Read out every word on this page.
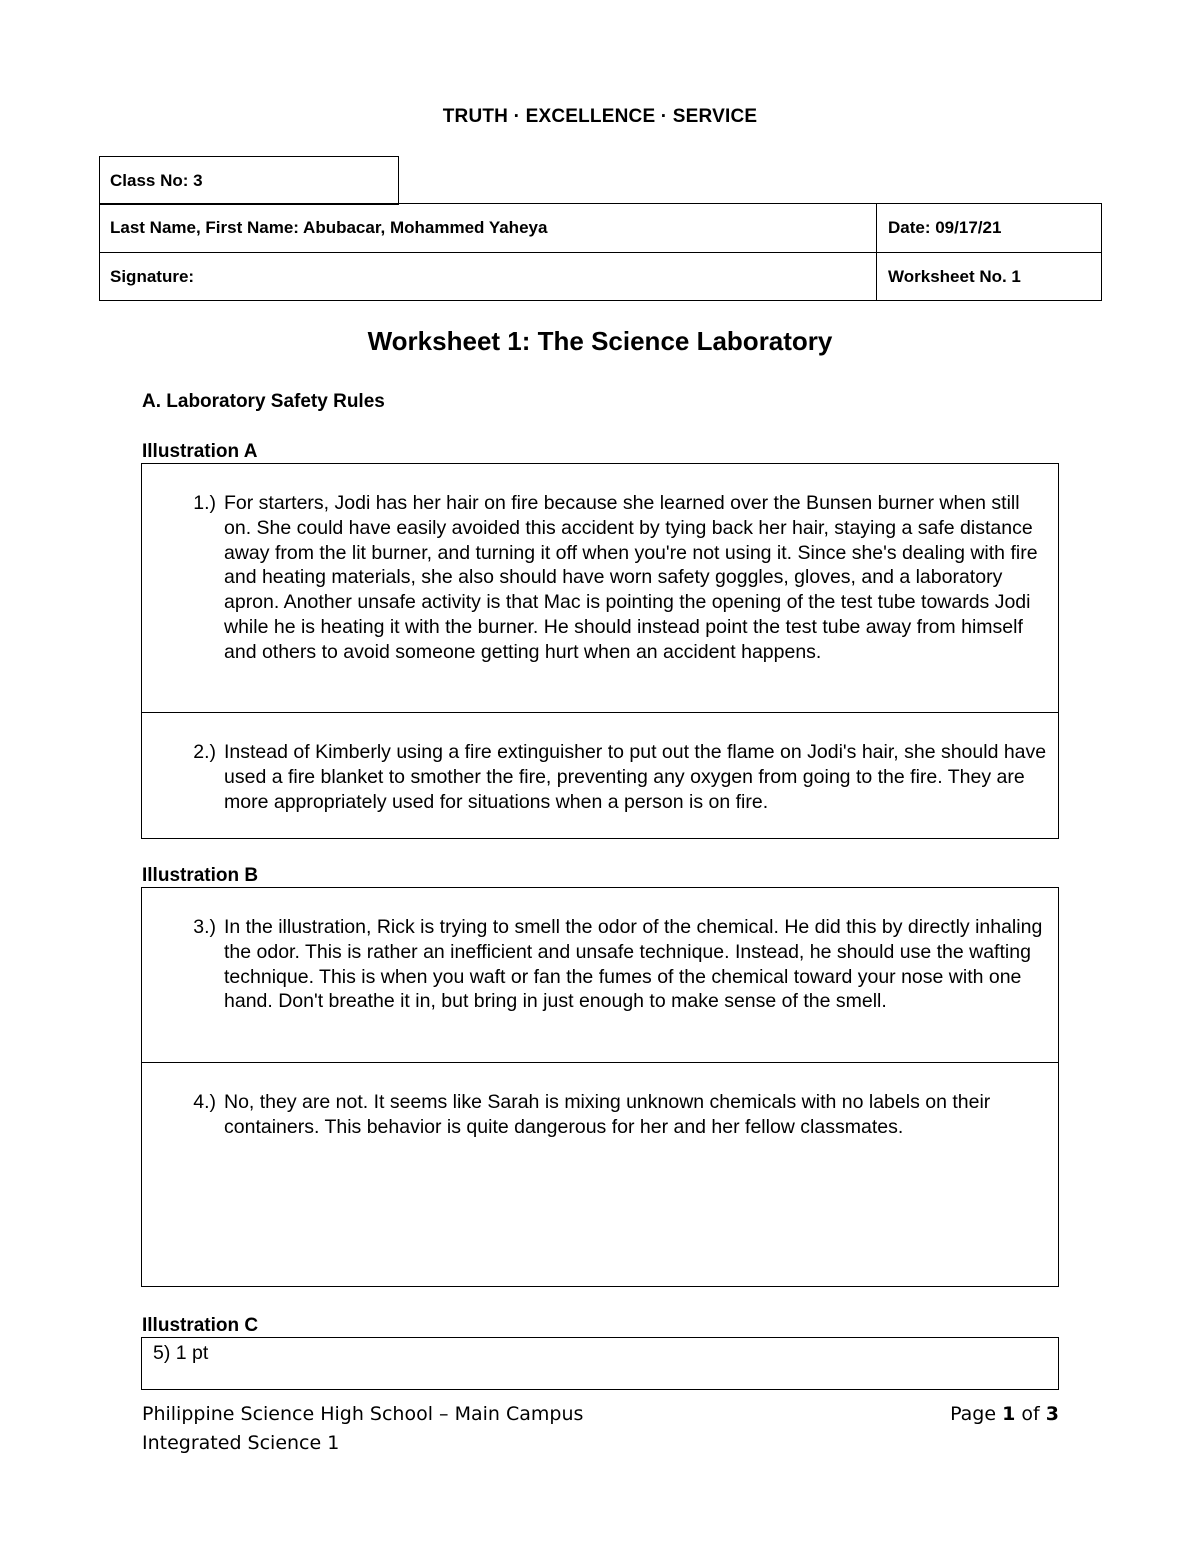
TRUTH · EXCELLENCE · SERVICE
Class No: 3
Last Name, First Name: Abubacar, Mohammed Yaheya	Date: 09/17/21
Signature:	Worksheet No. 1
Worksheet 1: The Science Laboratory
A. Laboratory Safety Rules
Illustration A
1.) For starters, Jodi has her hair on fire because she learned over the Bunsen burner when still on. She could have easily avoided this accident by tying back her hair, staying a safe distance away from the lit burner, and turning it off when you're not using it. Since she's dealing with fire and heating materials, she also should have worn safety goggles, gloves, and a laboratory apron. Another unsafe activity is that Mac is pointing the opening of the test tube towards Jodi while he is heating it with the burner. He should instead point the test tube away from himself and others to avoid someone getting hurt when an accident happens.
2.) Instead of Kimberly using a fire extinguisher to put out the flame on Jodi's hair, she should have used a fire blanket to smother the fire, preventing any oxygen from going to the fire. They are more appropriately used for situations when a person is on fire.
Illustration B
3.) In the illustration, Rick is trying to smell the odor of the chemical. He did this by directly inhaling the odor. This is rather an inefficient and unsafe technique. Instead, he should use the wafting technique. This is when you waft or fan the fumes of the chemical toward your nose with one hand. Don't breathe it in, but bring in just enough to make sense of the smell.
4.) No, they are not. It seems like Sarah is mixing unknown chemicals with no labels on their containers. This behavior is quite dangerous for her and her fellow classmates.
Illustration C
5) 1 pt
Philippine Science High School – Main Campus
Integrated Science 1
Page 1 of 3
